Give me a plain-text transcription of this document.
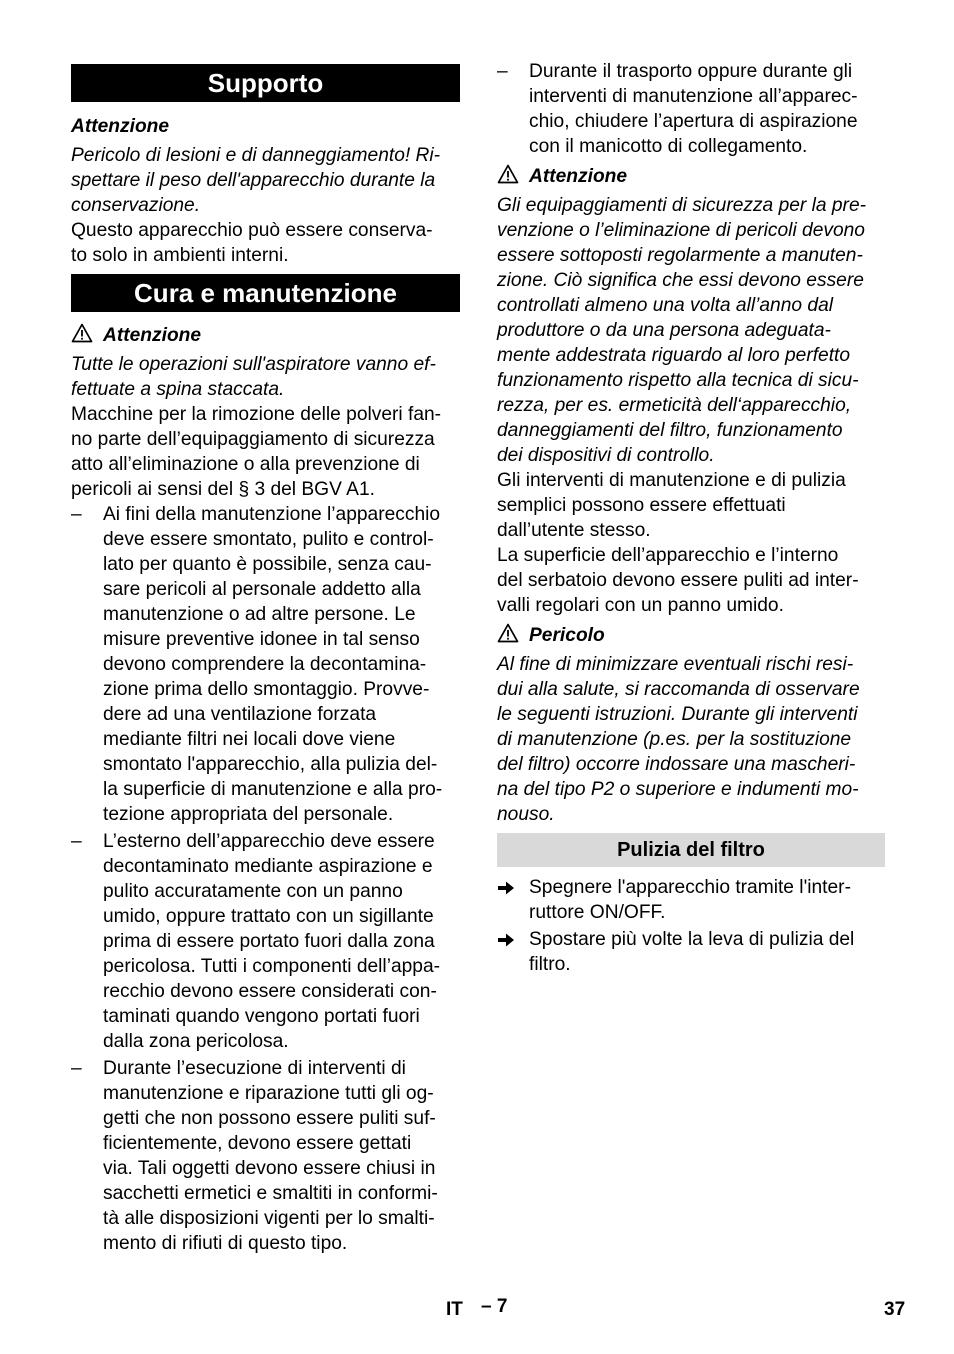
Supporto
Attenzione
Pericolo di lesioni e di danneggiamento! Ri-
spettare il peso dell'apparecchio durante la
conservazione.
Questo apparecchio può essere conserva-
to solo in ambienti interni.
Cura e manutenzione
Attenzione
Tutte le operazioni sull'aspiratore vanno ef-
fettuate a spina staccata.
Macchine per la rimozione delle polveri fan-
no parte dell’equipaggiamento di sicurezza
atto all’eliminazione o alla prevenzione di
pericoli ai sensi del § 3 del BGV A1.
–	Ai fini della manutenzione l’apparecchio
deve essere smontato, pulito e control-
lato per quanto è possibile, senza cau-
sare pericoli al personale addetto alla
manutenzione o ad altre persone. Le
misure preventive idonee in tal senso
devono comprendere la decontamina-
zione prima dello smontaggio. Provve-
dere ad una ventilazione forzata
mediante filtri nei locali dove viene
smontato l'apparecchio, alla pulizia del-
la superficie di manutenzione e alla pro-
tezione appropriata del personale.
–	L’esterno dell’apparecchio deve essere
decontaminato mediante aspirazione e
pulito accuratamente con un panno
umido, oppure trattato con un sigillante
prima di essere portato fuori dalla zona
pericolosa. Tutti i componenti dell’appa-
recchio devono essere considerati con-
taminati quando vengono portati fuori
dalla zona pericolosa.
–	Durante l’esecuzione di interventi di
manutenzione e riparazione tutti gli og-
getti che non possono essere puliti suf-
ficientemente, devono essere gettati
via. Tali oggetti devono essere chiusi in
sacchetti ermetici e smaltiti in conformi-
tà alle disposizioni vigenti per lo smalti-
mento di rifiuti di questo tipo.
–	Durante il trasporto oppure durante gli
interventi di manutenzione all’apparec-
chio, chiudere l’apertura di aspirazione
con il manicotto di collegamento.
Attenzione
Gli equipaggiamenti di sicurezza per la pre-
venzione o l’eliminazione di pericoli devono
essere sottoposti regolarmente a manuten-
zione. Ciò significa che essi devono essere
controllati almeno una volta all’anno dal
produttore o da una persona adeguata-
mente addestrata riguardo al loro perfetto
funzionamento rispetto alla tecnica di sicu-
rezza, per es. ermeticità dell‘apparecchio,
danneggiamenti del filtro, funzionamento
dei dispositivi di controllo.
Gli interventi di manutenzione e di pulizia
semplici possono essere effettuati
dall’utente stesso.
La superficie dell’apparecchio e l’interno
del serbatoio devono essere puliti ad inter-
valli regolari con un panno umido.
Pericolo
Al fine di minimizzare eventuali rischi resi-
dui alla salute, si raccomanda di osservare
le seguenti istruzioni. Durante gli interventi
di manutenzione (p.es. per la sostituzione
del filtro) occorre indossare una mascheri-
na del tipo P2 o superiore e indumenti mo-
nouso.
Pulizia del filtro
Spegnere l'apparecchio tramite l'inter-
ruttore ON/OFF.
Spostare più volte la leva di pulizia del
filtro.
IT – 7	37
